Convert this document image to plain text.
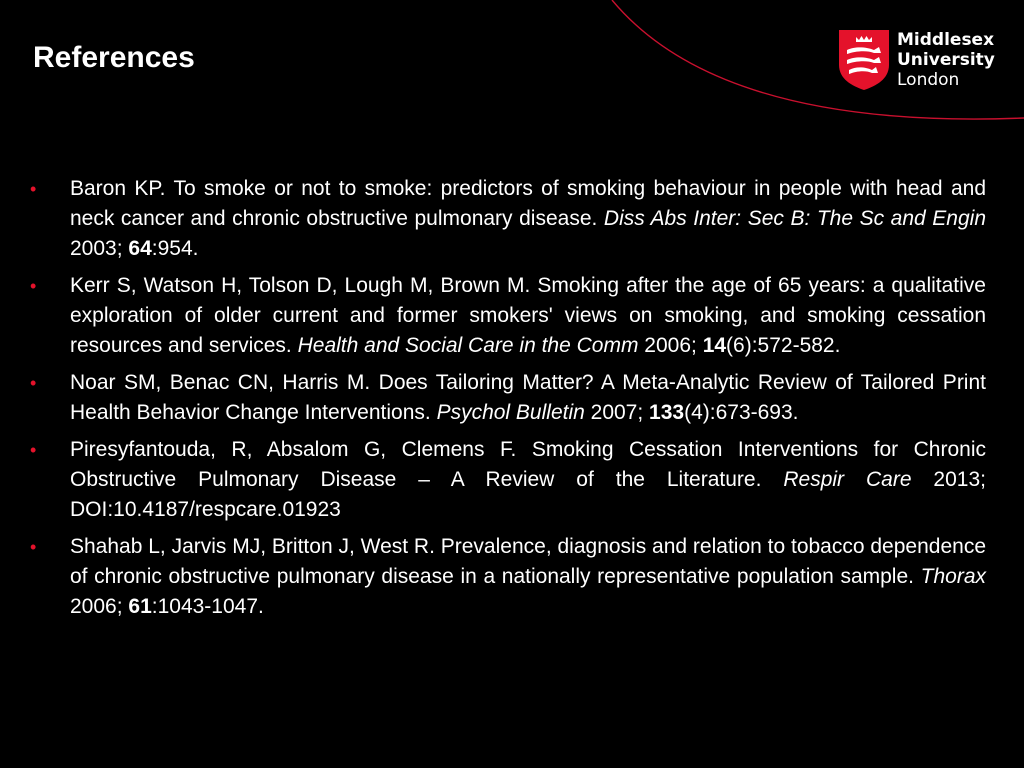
References
Middlesex
University
London
• Baron KP. To smoke or not to smoke: predictors of smoking behaviour in people with head and neck cancer and chronic obstructive pulmonary disease. Diss Abs Inter: Sec B: The Sc and Engin 2003; 64:954.
• Kerr S, Watson H, Tolson D, Lough M, Brown M. Smoking after the age of 65 years: a qualitative exploration of older current and former smokers' views on smoking, and smoking cessation resources and services. Health and Social Care in the Comm 2006; 14(6):572-582.
• Noar SM, Benac CN, Harris M. Does Tailoring Matter? A Meta-Analytic Review of Tailored Print Health Behavior Change Interventions. Psychol Bulletin 2007; 133(4):673-693.
• Piresyfantouda, R, Absalom G, Clemens F. Smoking Cessation Interventions for Chronic Obstructive Pulmonary Disease – A Review of the Literature. Respir Care 2013; DOI:10.4187/respcare.01923
• Shahab L, Jarvis MJ, Britton J, West R. Prevalence, diagnosis and relation to tobacco dependence of chronic obstructive pulmonary disease in a nationally representative population sample. Thorax 2006; 61:1043-1047.
